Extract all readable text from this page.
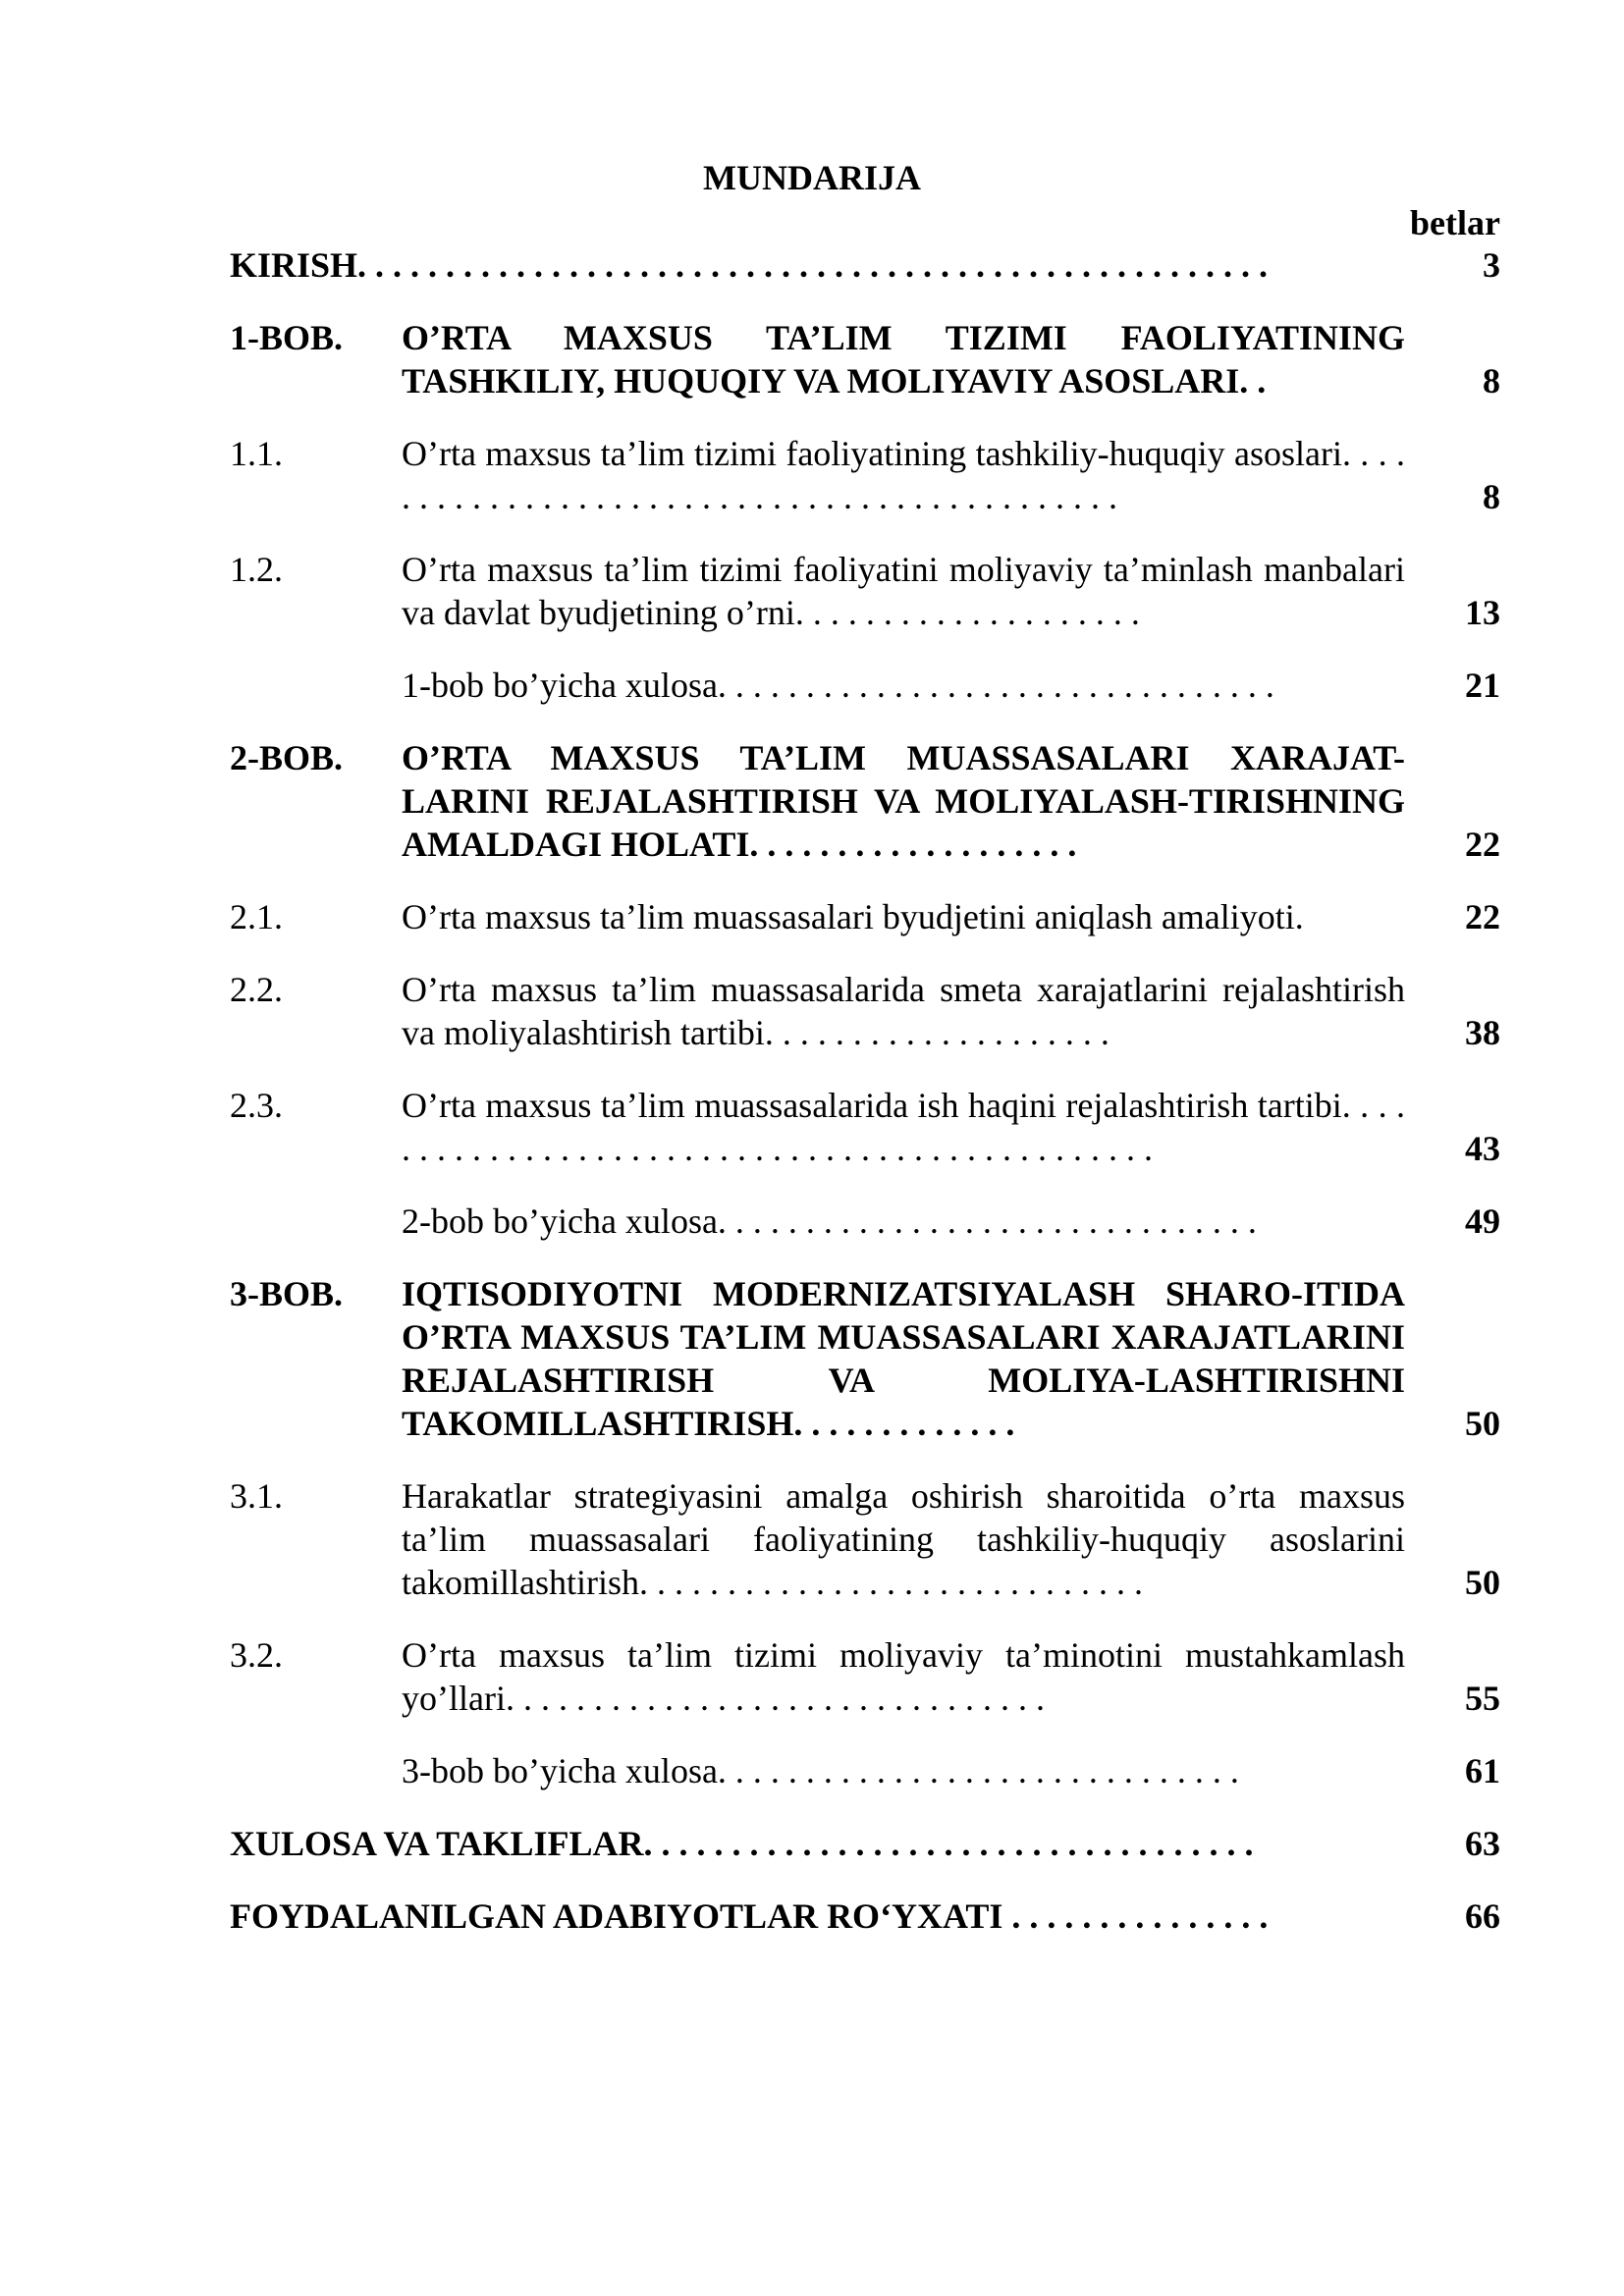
MUNDARIJA
betlar
KIRISH. . . . . . . . . . . . . . . . . . . . . . . . . . . . . . . . . . . . . . . . . . . . . . . . . . . .	3
1-BOB. O’RTA MAXSUS TA’LIM TIZIMI FAOLIYATINING TASHKILIY, HUQUQIY VA MOLIYAVIY ASOSLARI. .	8
1.1.	O’rta maxsus ta’lim tizimi faoliyatining tashkiliy-huquqiy asoslari. . . . . . . . . . . . . . . . . . . . . . . . . . . . . . . . . . . . . . . . . . . . .	8
1.2.	O’rta maxsus ta’lim tizimi faoliyatini moliyaviy ta’minlash manbalari va davlat byudjetining o’rni. . . . . . . . . . . . . . . . . . . .	13
1-bob bo’yicha xulosa. . . . . . . . . . . . . . . . . . . . . . . . . . . . . . . .	21
2-BOB. O’RTA MAXSUS TA’LIM MUASSASALARI XARAJAT-LARINI REJALASHTIRISH VA MOLIYALASH-TIRISHNING AMALDAGI HOLATI. . . . . . . . . . . . . . . . . . .	22
2.1.	O’rta maxsus ta’lim muassasalari byudjetini aniqlash amaliyoti.	22
2.2.	O’rta maxsus ta’lim muassasalarida smeta xarajatlarini rejalashtirish va moliyalashtirish tartibi. . . . . . . . . . . . . . . . . . . .	38
2.3.	O’rta maxsus ta’lim muassasalarida ish haqini rejalashtirish tartibi. . . . . . . . . . . . . . . . . . . . . . . . . . . . . . . . . . . . . . . . . . . . . . .	43
2-bob bo’yicha xulosa. . . . . . . . . . . . . . . . . . . . . . . . . . . . . . .	49
3-BOB. IQTISODIYOTNI MODERNIZATSIYALASH SHARO-ITIDA O’RTA MAXSUS TA’LIM MUASSASALARI XARAJATLARINI REJALASHTIRISH VA MOLIYA-LASHTIRISHNI TAKOMILLASHTIRISH. . . . . . . . . . . . .	50
3.1.	Harakatlar strategiyasini amalga oshirish sharoitida o’rta maxsus ta’lim muassasalari faoliyatining tashkiliy-huquqiy asoslarini takomillashtirish. . . . . . . . . . . . . . . . . . . . . . . . . . . . .	50
3.2.	O’rta maxsus ta’lim tizimi moliyaviy ta’minotini mustahkamlash yo’llari. . . . . . . . . . . . . . . . . . . . . . . . . . . . . . .	55
3-bob bo’yicha xulosa. . . . . . . . . . . . . . . . . . . . . . . . . . . . . .	61
XULOSA VA TAKLIFLAR. . . . . . . . . . . . . . . . . . . . . . . . . . . . . . . . . . .	63
FOYDALANILGAN ADABIYOTLAR RO‘YXATI . . . . . . . . . . . . . . .	66
